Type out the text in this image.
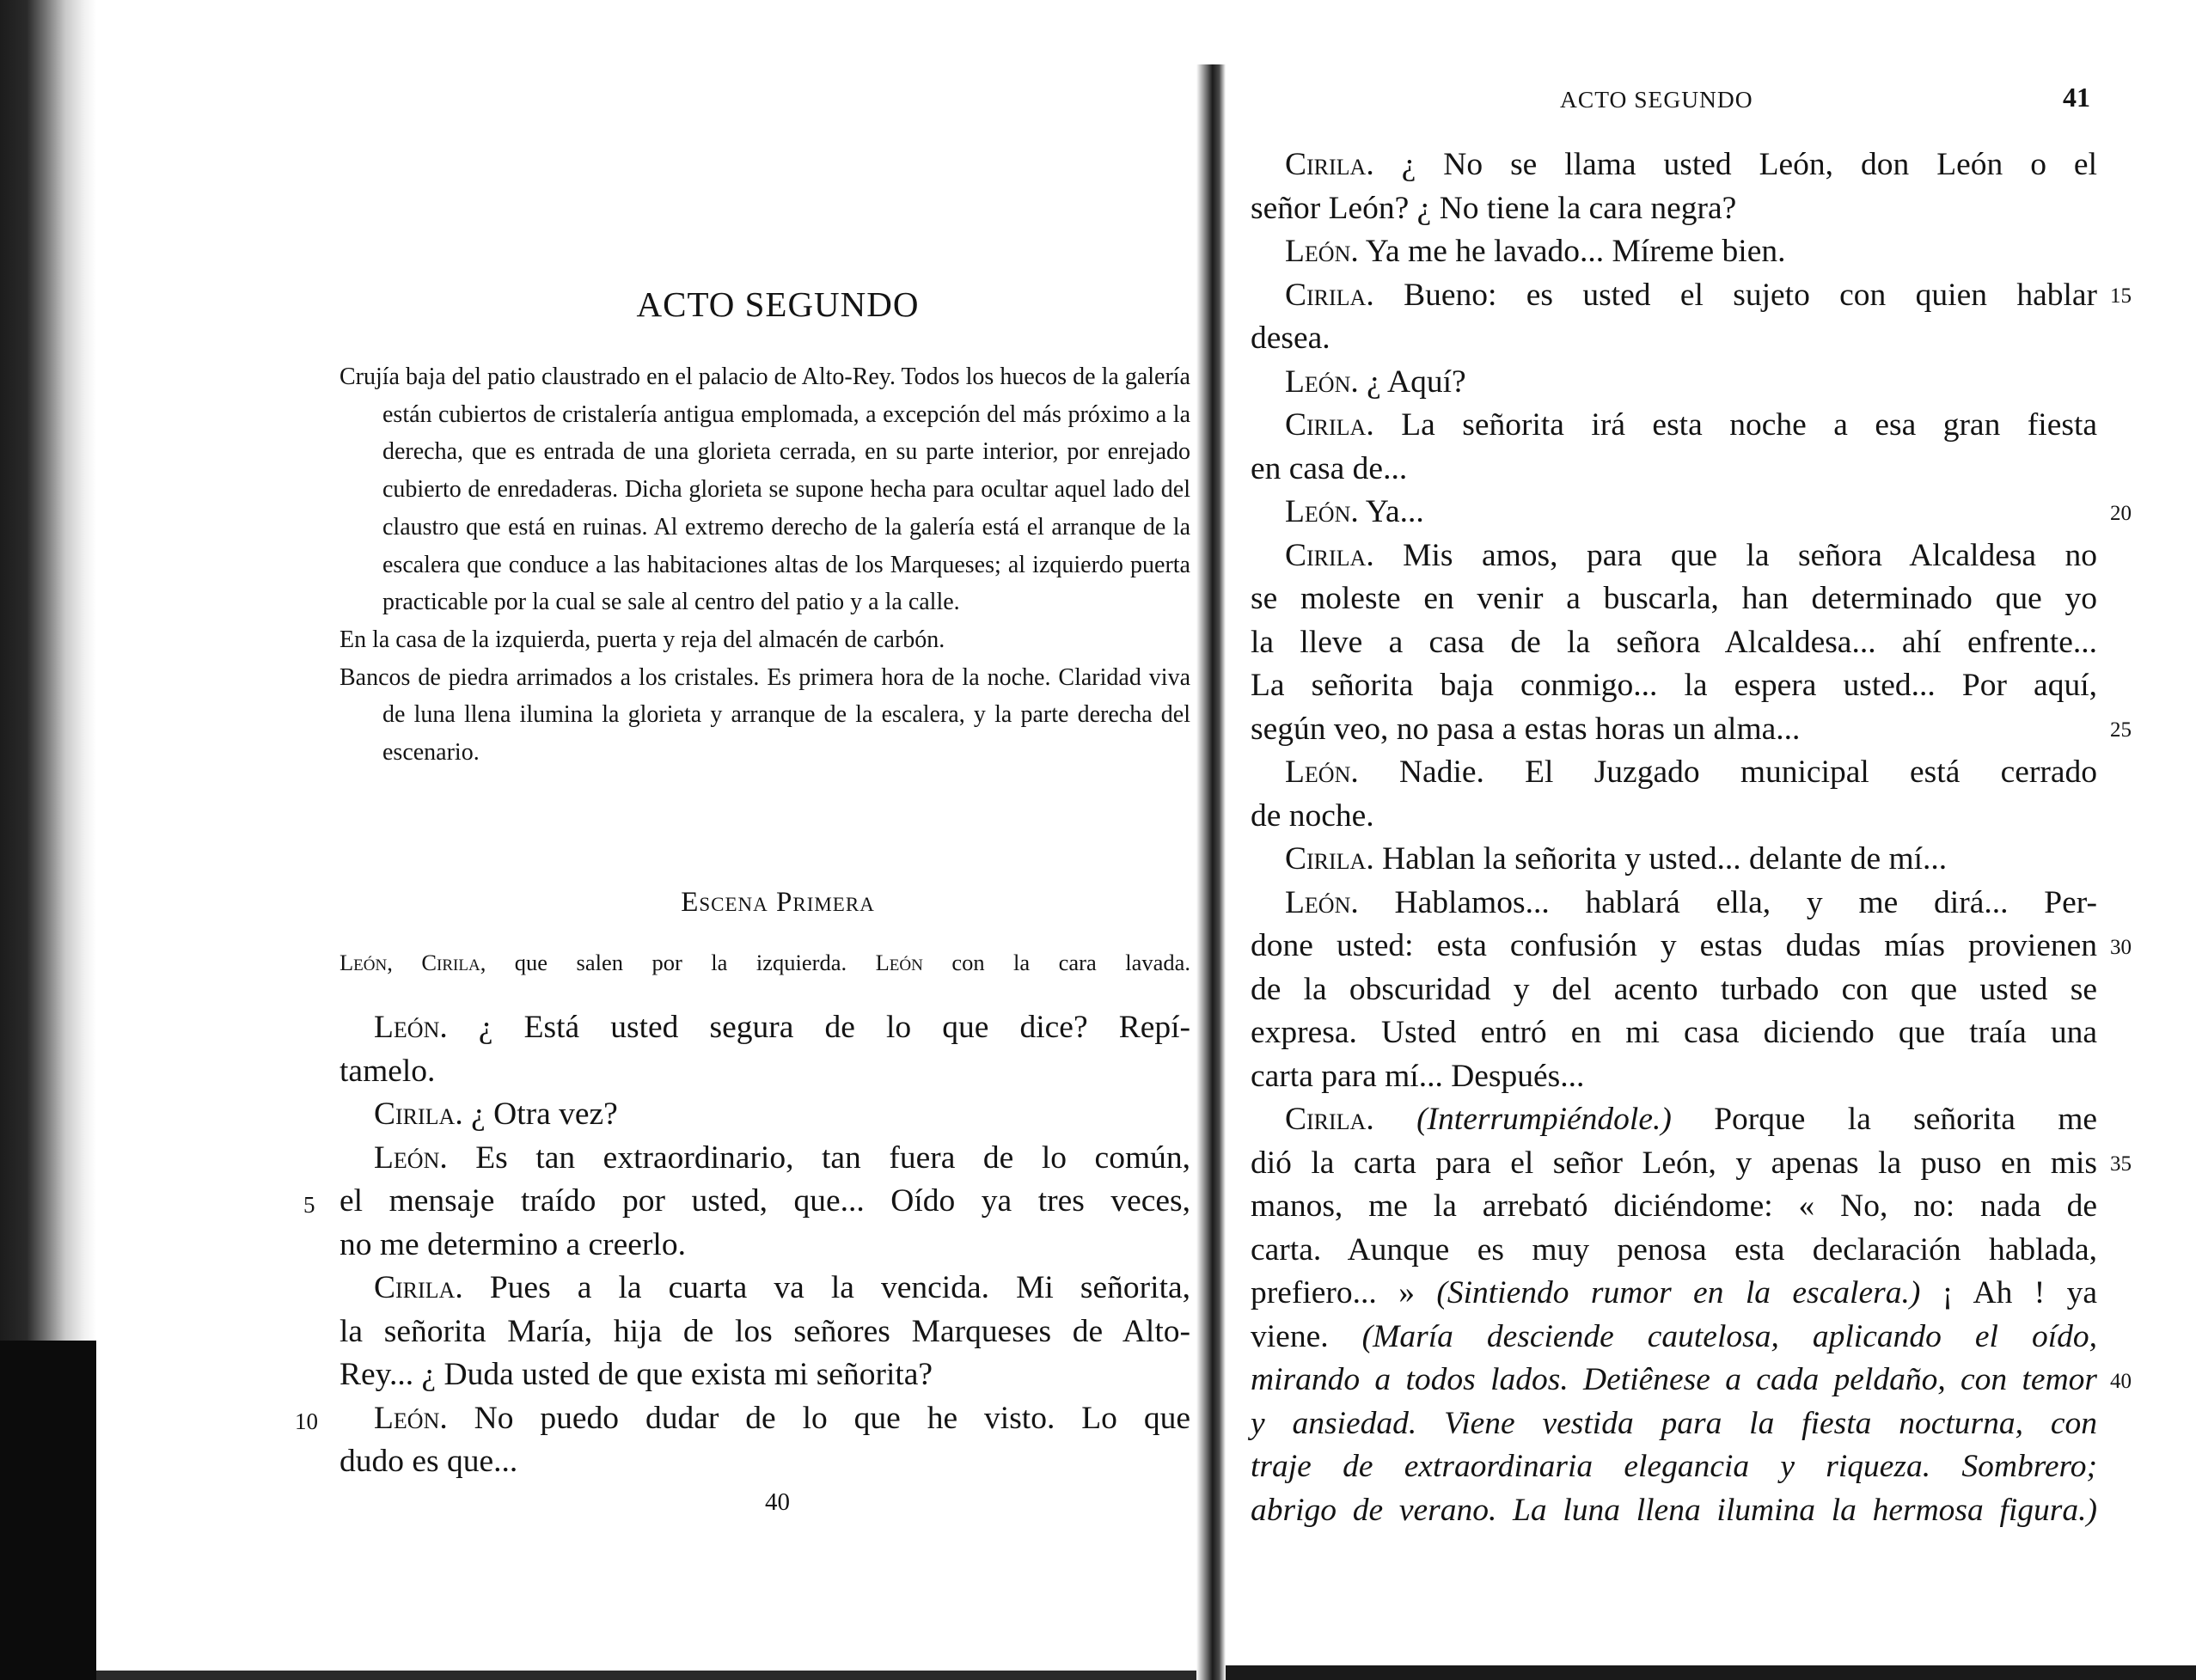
ACTO SEGUNDO

Crujía baja del patio claustrado en el palacio de Alto-Rey. Todos los huecos de la galería están cubiertos de cristalería antigua emplomada, a excepción del más próximo a la derecha, que es entrada de una glorieta cerrada, en su parte interior, por enrejado cubierto de enredaderas. Dicha glorieta se supone hecha para ocultar aquel lado del claustro que está en ruinas. Al extremo derecho de la galería está el arranque de la escalera que conduce a las habitaciones altas de los Marqueses; al izquierdo puerta practicable por la cual se sale al centro del patio y a la calle.

En la casa de la izquierda, puerta y reja del almacén de carbón.

Bancos de piedra arrimados a los cristales. Es primera hora de la noche. Claridad viva de luna llena ilumina la glorieta y arranque de la escalera, y la parte derecha del escenario.

Escena Primera
León, Cirila, que salen por la izquierda. León con la cara lavada.
León. ¿ Está usted segura de lo que dice? Repí-
tamelo.
Cirila. ¿ Otra vez?
León. Es tan extraordinario, tan fuera de lo común,
el mensaje traído por usted, que... Oído ya tres veces,
no me determino a creerlo.
Cirila. Pues a la cuarta va la vencida. Mi señorita,
la señorita María, hija de los señores Marqueses de Alto-
Rey... ¿ Duda usted de que exista mi señorita?
León. No puedo dudar de lo que he visto. Lo que
dudo es que...
5
10
40
ACTO SEGUNDO	41
Cirila. ¿ No se llama usted León, don León o el
señor León? ¿ No tiene la cara negra?
León. Ya me he lavado... Míreme bien.
Cirila. Bueno: es usted el sujeto con quien hablar
desea.
León. ¿ Aquí?
Cirila. La señorita irá esta noche a esa gran fiesta
en casa de...
León. Ya...
Cirila. Mis amos, para que la señora Alcaldesa no
se moleste en venir a buscarla, han determinado que yo
la lleve a casa de la señora Alcaldesa... ahí enfrente...
La señorita baja conmigo... la espera usted... Por aquí,
según veo, no pasa a estas horas un alma...
León. Nadie. El Juzgado municipal está cerrado
de noche.
Cirila. Hablan la señorita y usted... delante de mí...
León. Hablamos... hablará ella, y me dirá... Per-
done usted: esta confusión y estas dudas mías provienen
de la obscuridad y del acento turbado con que usted se
expresa. Usted entró en mi casa diciendo que traía una
carta para mí... Después...
Cirila. (Interrumpiéndole.) Porque la señorita me
dió la carta para el señor León, y apenas la puso en mis
manos, me la arrebató diciéndome: « No, no: nada de
carta. Aunque es muy penosa esta declaración hablada,
prefiero... » (Sintiendo rumor en la escalera.) ¡ Ah ! ya
viene. (María desciende cautelosa, aplicando el oído,
mirando a todos lados. Detiênese a cada peldaño, con temor
y ansiedad. Viene vestida para la fiesta nocturna, con
traje de extraordinaria elegancia y riqueza. Sombrero;
abrigo de verano. La luna llena ilumina la hermosa figura.)
15
20
25
30
35
40
